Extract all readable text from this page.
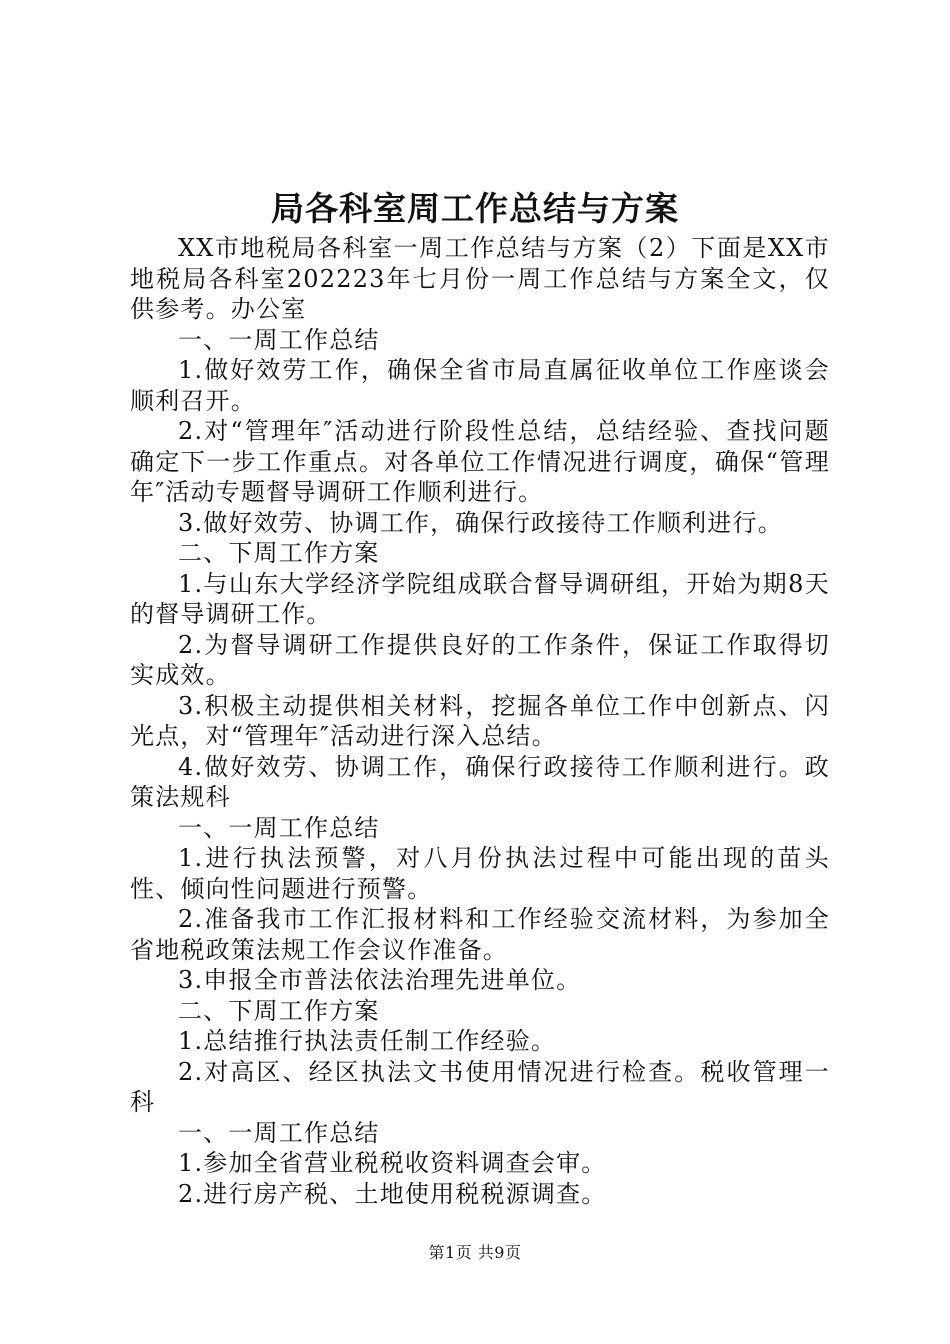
局各科室周工作总结与方案

XX市地税局各科室一周工作总结与方案（2）下面是XX市地税局各科室202223年七月份一周工作总结与方案全文，仅供参考。办公室

一、一周工作总结

1.做好效劳工作，确保全省市局直属征收单位工作座谈会顺利召开。

2.对“管理年″活动进行阶段性总结，总结经验、查找问题确定下一步工作重点。对各单位工作情况进行调度，确保“管理年″活动专题督导调研工作顺利进行。

3.做好效劳、协调工作，确保行政接待工作顺利进行。

二、下周工作方案

1.与山东大学经济学院组成联合督导调研组，开始为期8天的督导调研工作。

2.为督导调研工作提供良好的工作条件，保证工作取得切实成效。

3.积极主动提供相关材料，挖掘各单位工作中创新点、闪光点，对“管理年″活动进行深入总结。

4.做好效劳、协调工作，确保行政接待工作顺利进行。政策法规科

一、一周工作总结

1.进行执法预警，对八月份执法过程中可能出现的苗头性、倾向性问题进行预警。

2.准备我市工作汇报材料和工作经验交流材料，为参加全省地税政策法规工作会议作准备。

3.申报全市普法依法治理先进单位。

二、下周工作方案

1.总结推行执法责任制工作经验。

2.对高区、经区执法文书使用情况进行检查。税收管理一科

一、一周工作总结

1.参加全省营业税税收资料调查会审。

2.进行房产税、土地使用税税源调查。

第1页 共9页
